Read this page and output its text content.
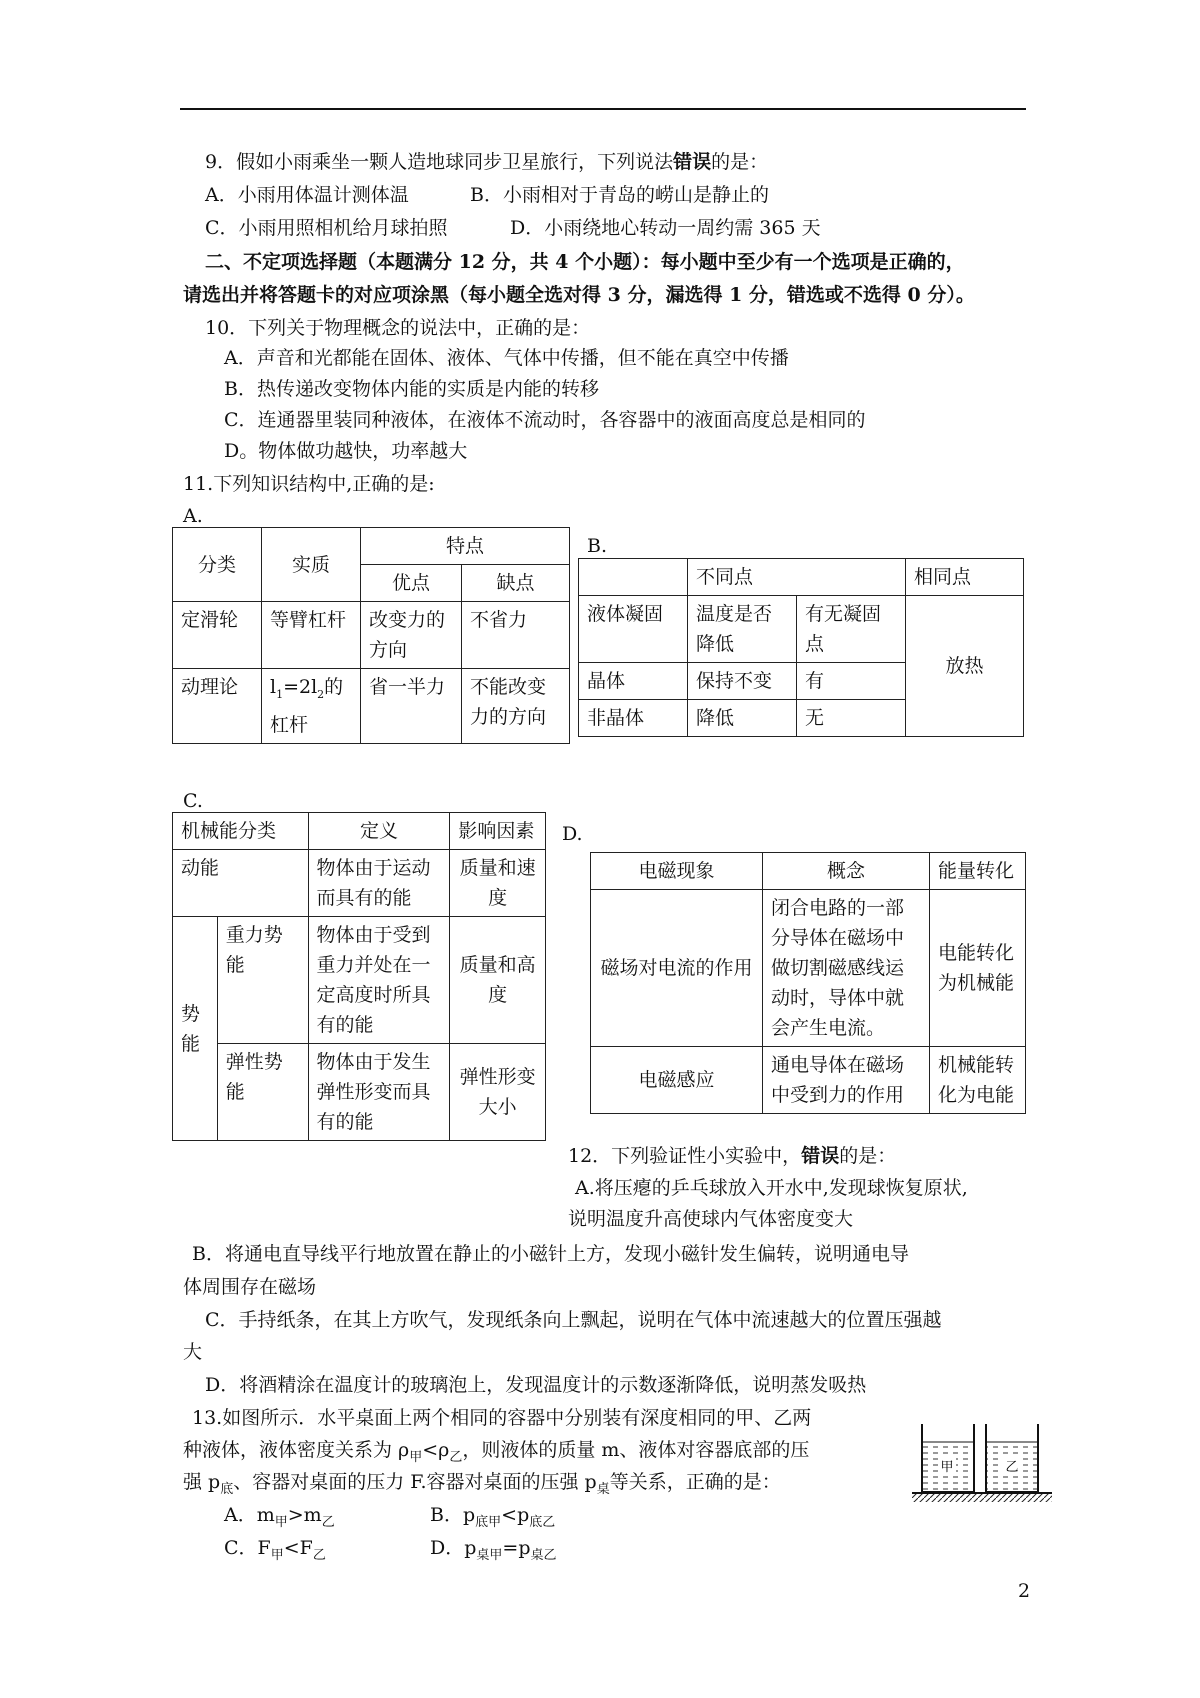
9．假如小雨乘坐一颗人造地球同步卫星旅行，下列说法错误的是：
A．小雨用体温计测体温	B．小雨相对于青岛的崂山是静止的
C．小雨用照相机给月球拍照	D．小雨绕地心转动一周约需 365 天
二、不定项选择题（本题满分 12 分，共 4 个小题）：每小题中至少有一个选项是正确的，
请选出并将答题卡的对应项涂黑（每小题全选对得 3 分，漏选得 1 分，错选或不选得 0 分）。
10．下列关于物理概念的说法中，正确的是：
A．声音和光都能在固体、液体、气体中传播，但不能在真空中传播
B．热传递改变物体内能的实质是内能的转移
C．连通器里装同种液体，在液体不流动时，各容器中的液面高度总是相同的
D。物体做功越快，功率越大
11.下列知识结构中,正确的是:
A.
分类	实质	特点	
		优点	缺点
定滑轮	等臂杠杆	改变力的方向	不省力
动理论	$l_1=2l_2$的杠杆	省一半力	不能改变力的方向
B.
	不同点		相同点
液体凝固	温度是否降低	有无凝固点	放热
晶体	保持不变	有	
非晶体	降低	无	
C.
机械能分类		定义	影响因素
动能		物体由于运动而具有的能	质量和速度
势能	重力势能	物体由于受到重力并处在一定高度时所具有的能	质量和高度
	弹性势能	物体由于发生弹性形变而具有的能	弹性形变大小
D.
电磁现象	概念	能量转化
磁场对电流的作用	闭合电路的一部分导体在磁场中做切割磁感线运动时，导体中就会产生电流。	电能转化为机械能
电磁感应	通电导体在磁场中受到力的作用	机械能转化为电能
12．下列验证性小实验中，错误的是：
A.将压瘪的乒乓球放入开水中,发现球恢复原状,
说明温度升高使球内气体密度变大
B．将通电直导线平行地放置在静止的小磁针上方，发现小磁针发生偏转，说明通电导
体周围存在磁场
C．手持纸条，在其上方吹气，发现纸条向上飘起，说明在气体中流速越大的位置压强越
大
D．将酒精涂在温度计的玻璃泡上，发现温度计的示数逐渐降低，说明蒸发吸热
13.如图所示．水平桌面上两个相同的容器中分别装有深度相同的甲、乙两
种液体，液体密度关系为 $\rho_甲<\rho_乙$，则液体的质量 m、液体对容器底部的压
强 $p_底$、容器对桌面的压力 F.容器对桌面的压强 $p_桌$等关系，正确的是：
A．$m_甲>m_乙$	B．$p_{底甲}<p_{底乙}$
C．$F_甲<F_乙$	D．$p_{桌甲}=p_{桌乙}$
甲	乙
2
